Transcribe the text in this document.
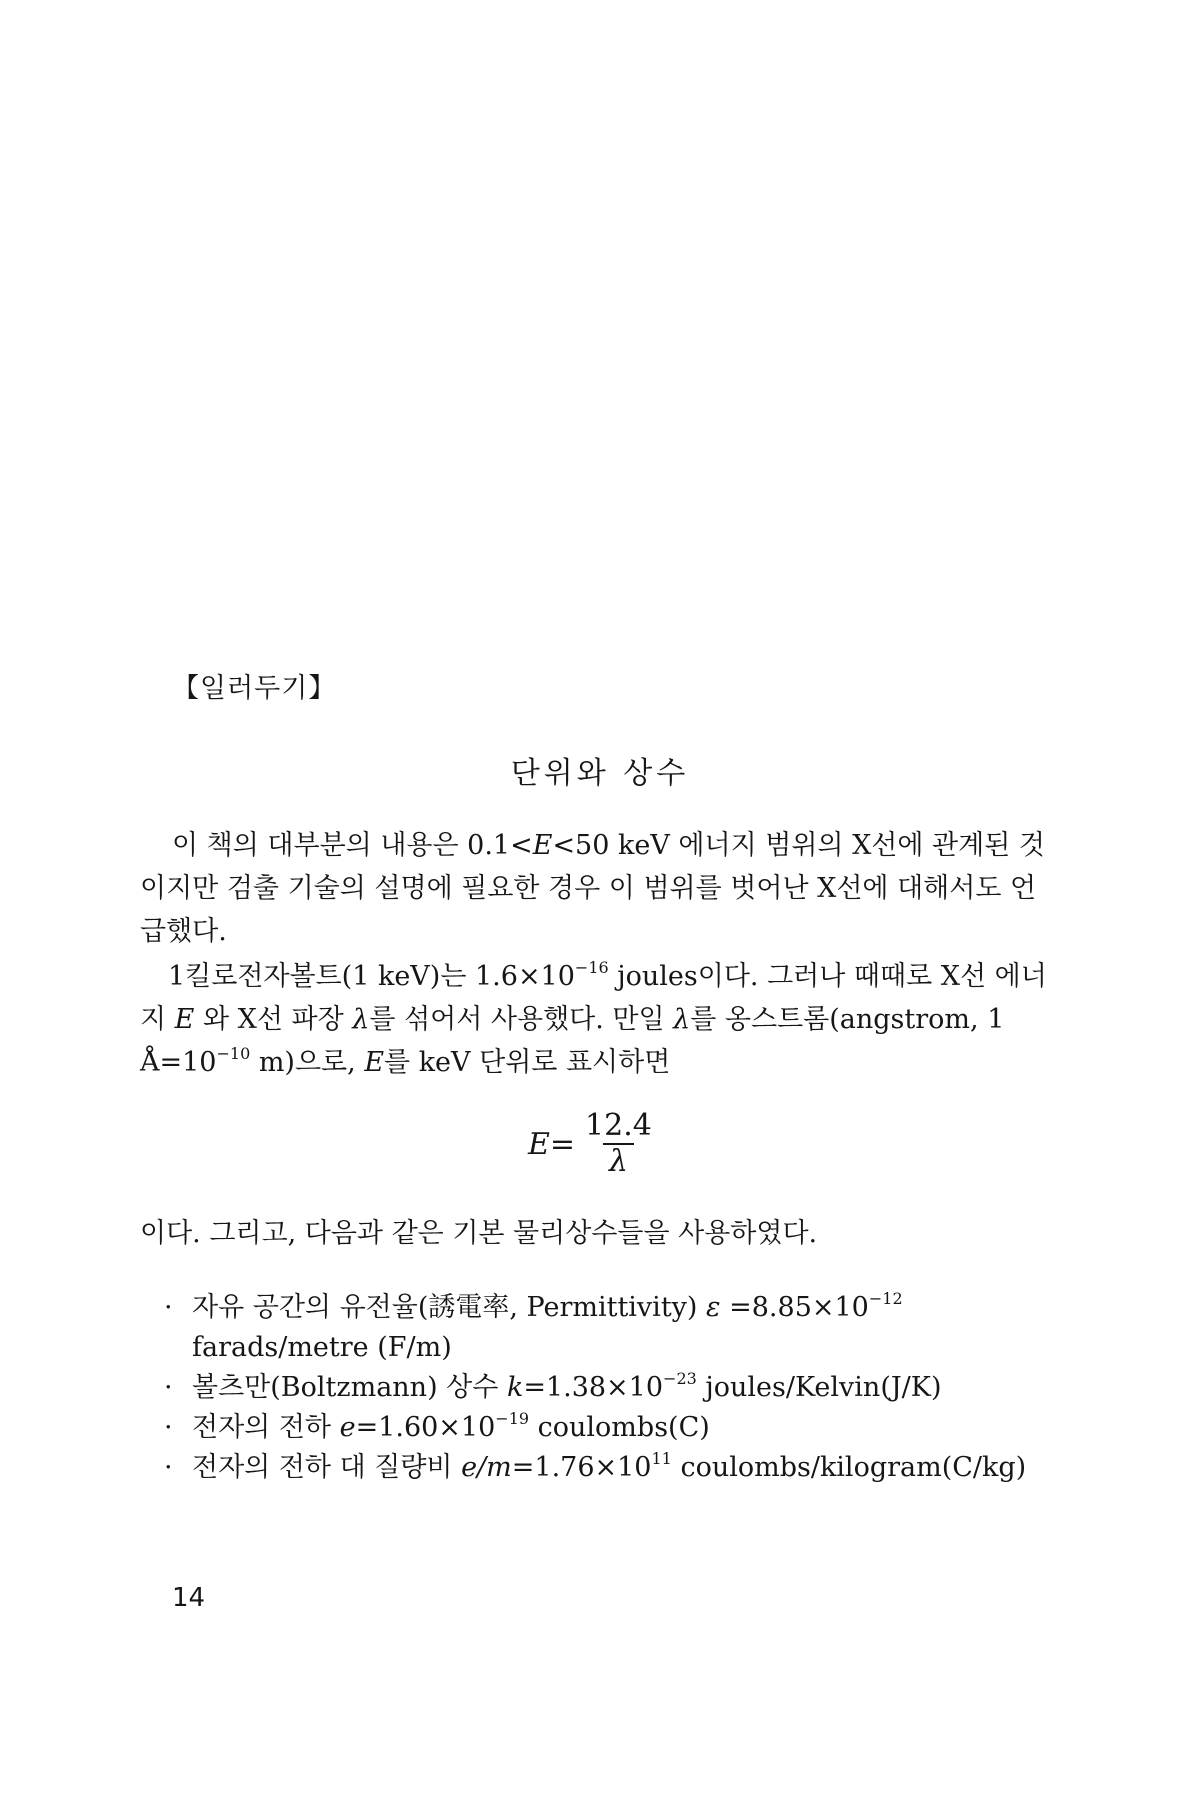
【일러두기】
단위와 상수

이 책의 대부분의 내용은 0.1<E<50 keV 에너지 범위의 X선에 관계된 것이지만 검출 기술의 설명에 필요한 경우 이 범위를 벗어난 X선에 대해서도 언급했다.

1킬로전자볼트(1 keV)는 $1.6\times 10^{-16}$ joules이다. 그러나 때때로 X선 에너지 E 와 X선 파장 λ를 섞어서 사용했다. 만일 λ를 옹스트롬(angstrom, 1 $Å=10^{-10}$ m)으로, E를 keV 단위로 표시하면

$E = \frac{12.4}{\lambda}$

이다. 그리고, 다음과 같은 기본 물리상수들을 사용하였다.

· 자유 공간의 유전율(誘電率, Permittivity) $\varepsilon =8.85\times 10^{-12}$ farads/metre (F/m)
· 볼츠만(Boltzmann) 상수 $k=1.38\times 10^{-23}$ joules/Kelvin(J/K)
· 전자의 전하 $e=1.60\times 10^{-19}$ coulombs(C)
· 전자의 전하 대 질량비 $e/m=1.76\times 10^{11}$ coulombs/kilogram(C/kg)
14
